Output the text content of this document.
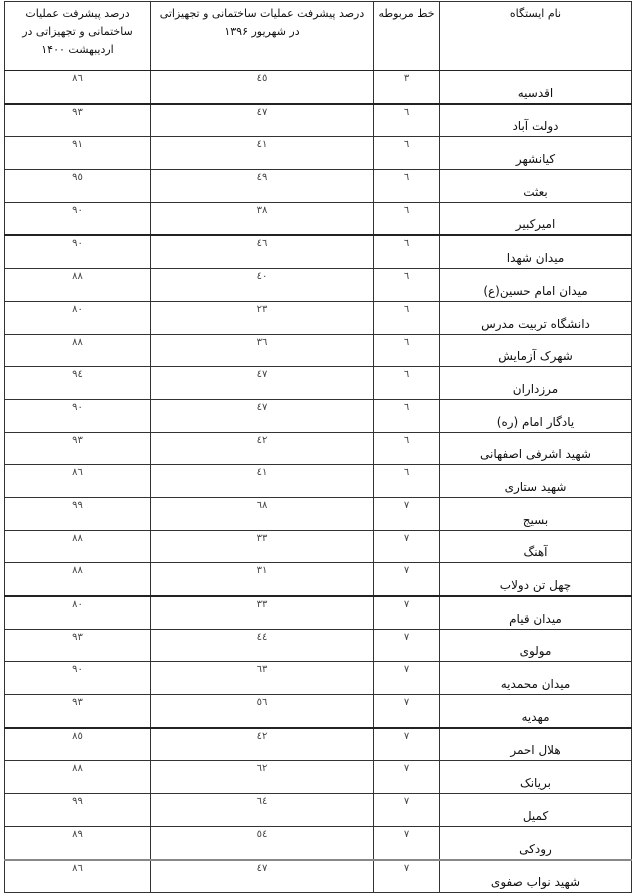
نام ایستگاه	خط مربوطه	درصد پیشرفت عملیات ساختمانی و تجهیزاتی در شهریور ۱۳۹۶	درصد پیشرفت عملیات ساختمانی و تجهیزاتی در اردیبهشت ۱۴۰۰
اقدسیه	٣	٤٥	٨٦
دولت آباد	٦	٤٧	٩٣
کیانشهر	٦	٤١	٩١
بعثت	٦	٤٩	٩٥
امیرکبیر	٦	٣٨	٩٠
میدان شهدا	٦	٤٦	٩٠
میدان امام حسین(ع)	٦	٤٠	٨٨
دانشگاه تربیت مدرس	٦	٢٣	٨٠
شهرک آزمایش	٦	٣٦	٨٨
مرزداران	٦	٤٧	٩٤
یادگار امام (ره)	٦	٤٧	٩٠
شهید اشرفی اصفهانی	٦	٤٢	٩٣
شهید ستاری	٦	٤١	٨٦
بسیج	٧	٦٨	٩٩
آهنگ	٧	٣٣	٨٨
چهل تن دولاب	٧	٣١	٨٨
میدان قیام	٧	٣٣	٨٠
مولوی	٧	٤٤	٩٣
میدان محمدیه	٧	٦٣	٩٠
مهدیه	٧	٥٦	٩٣
هلال احمر	٧	٤٢	٨٥
بریانک	٧	٦٢	٨٨
کمیل	٧	٦٤	٩٩
رودکی	٧	٥٤	٨٩
شهید نواب صفوی	٧	٤٧	٨٦
